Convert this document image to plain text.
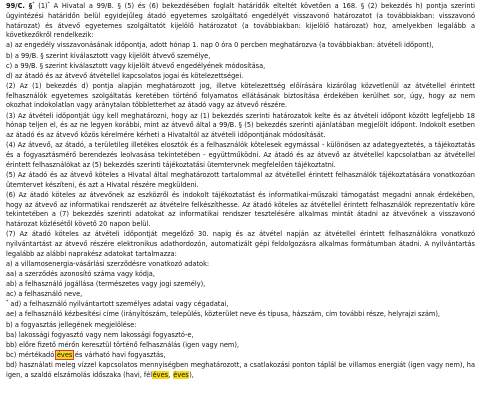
99/C. §* (1)* A Hivatal a 99/B. § (5) és (6) bekezdésében foglalt határidők elteltét követően a 168. § (2) bekezdés h) pontja szerinti ügyintézési határidőn belül egyidejűleg átadó egyetemes szolgáltató engedélyét visszavonó határozatot (a továbbiakban: visszavonó határozat) és átvevő egyetemes szolgáltatót kijelölő határozatot (a továbbiakban: kijelölő határozat) hoz, amelyekben legalább a következőkről rendelkezik:

a) az engedély visszavonásának időpontja, adott hónap 1. nap 0 óra 0 percben meghatározva (a továbbiakban: átvételi időpont),

b) a 99/B. § szerint kiválasztott vagy kijelölt átvevő személye,

c) a 99/B. § szerint kiválasztott vagy kijelölt átvevő engedélyének módosítása,

d) az átadó és az átvevő átvétellel kapcsolatos jogai és kötelezettségei.

(2) Az (1) bekezdés d) pontja alapján meghatározott jog, illetve kötelezettség előírására kizárólag közvetlenül az átvétellel érintett felhasználók egyetemes szolgáltatás keretében történő folyamatos ellátásának biztosítása érdekében kerülhet sor, úgy, hogy az nem okozhat indokolatlan vagy aránytalan többletterhet az átadó vagy az átvevő részére.

(3) Az átvételi időpontját úgy kell meghatározni, hogy az (1) bekezdés szerinti határozatok kelte és az átvételi időpont között legfeljebb 18 hónap teljen el, és az ne legyen korábbi, mint az átvevő által a 99/B. § (5) bekezdés szerinti ajánlatában megjelölt időpont. Indokolt esetben az átadó és az átvevő közös kérelmére kérheti a Hivataltól az átvételi időpontjának módosítását.

(4) Az átvevő, az átadó, a területileg illetékes elosztók és a felhasználók kötelesek egymással - különösen az adategyeztetés, a tájékoztatás és a fogyasztásmérő berendezés leolvasása tekintetében - együttműködni. Az átadó és az átvevő az átvétellel kapcsolatban az átvétellel érintett felhasználókat az (5) bekezdés szerinti tájékoztatási ütemtervnek megfelelően tájékoztatni.

(5) Az átadó és az átvevő köteles a Hivatal által meghatározott tartalommal az átvétellel érintett felhasználók tájékoztatására vonatkozóan ütemtervet készíteni, és azt a Hivatal részére megküldeni.

(6) Az átadó köteles az átvevőnek az eszközről és indokolt tájékoztatást és informatikai-műszaki támogatást megadni annak érdekében, hogy az átvevő az informatikai rendszerét az átvételre felkészíthesse. Az átadó köteles az átvétellel érintett felhasználók reprezentatív köre tekintetében a (7) bekezdés szerinti adatokat az informatikai rendszer tesztelésére alkalmas mintát átadni az átvevőnek a visszavonó határozat közlésétől követő 20 napon belül.

(7) Az átadó köteles az átvételi időpontját megelőző 30. napig és az átvétel napján az átvétellel érintett felhasználókra vonatkozó nyilvántartást az átvevő részére elektronikus adathordozón, automatizált gépi feldolgozásra alkalmas formátumban átadni. A nyilvántartás legalább az alábbi naprakész adatokat tartalmazza:

a) a villamosenergia-vásárlási szerződésre vonatkozó adatok:

aa) a szerződés azonosító száma vagy kódja,

ab) a felhasználó jogállása (természetes vagy jogi személy),

ac) a felhasználó neve,

* ad) a felhasználó nyilvántartott személyes adatai vagy cégadatai,

ae) a felhasználó kézbesítési címe (irányítószám, település, közterület neve és típusa, házszám, cím további része, helyrajzi szám),

b) a fogyasztás jellegének megjelölése:

ba) lakossági fogyasztó vagy nem lakossági fogyasztó-e,

bb) előre fizető mérőn keresztül történő felhasználás (igen vagy nem),

bc) mértékadó éves és várható havi fogyasztás,

bd) használati meleg vízzel kapcsolatos mennyiségben meghatározott, a csatlakozási ponton táplál be villamos energiát (igen vagy nem), ha igen, a szaldó elszámolás időszaka (havi, féléves, éves),
